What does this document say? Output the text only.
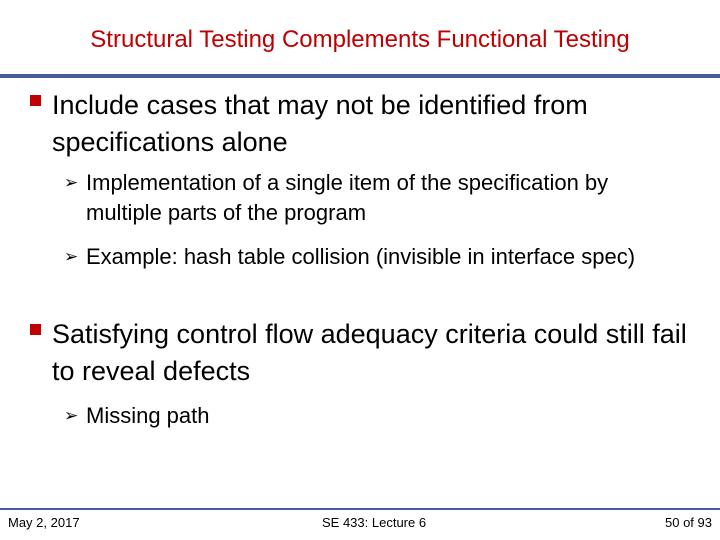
Structural Testing Complements Functional Testing
Include cases that may not be identified from specifications alone
➢ Implementation of a single item of the specification by multiple parts of the program
➢ Example: hash table collision (invisible in interface spec)
Satisfying control flow adequacy criteria could still fail to reveal defects
➢ Missing path
May 2, 2017	SE 433: Lecture 6	50 of 93
